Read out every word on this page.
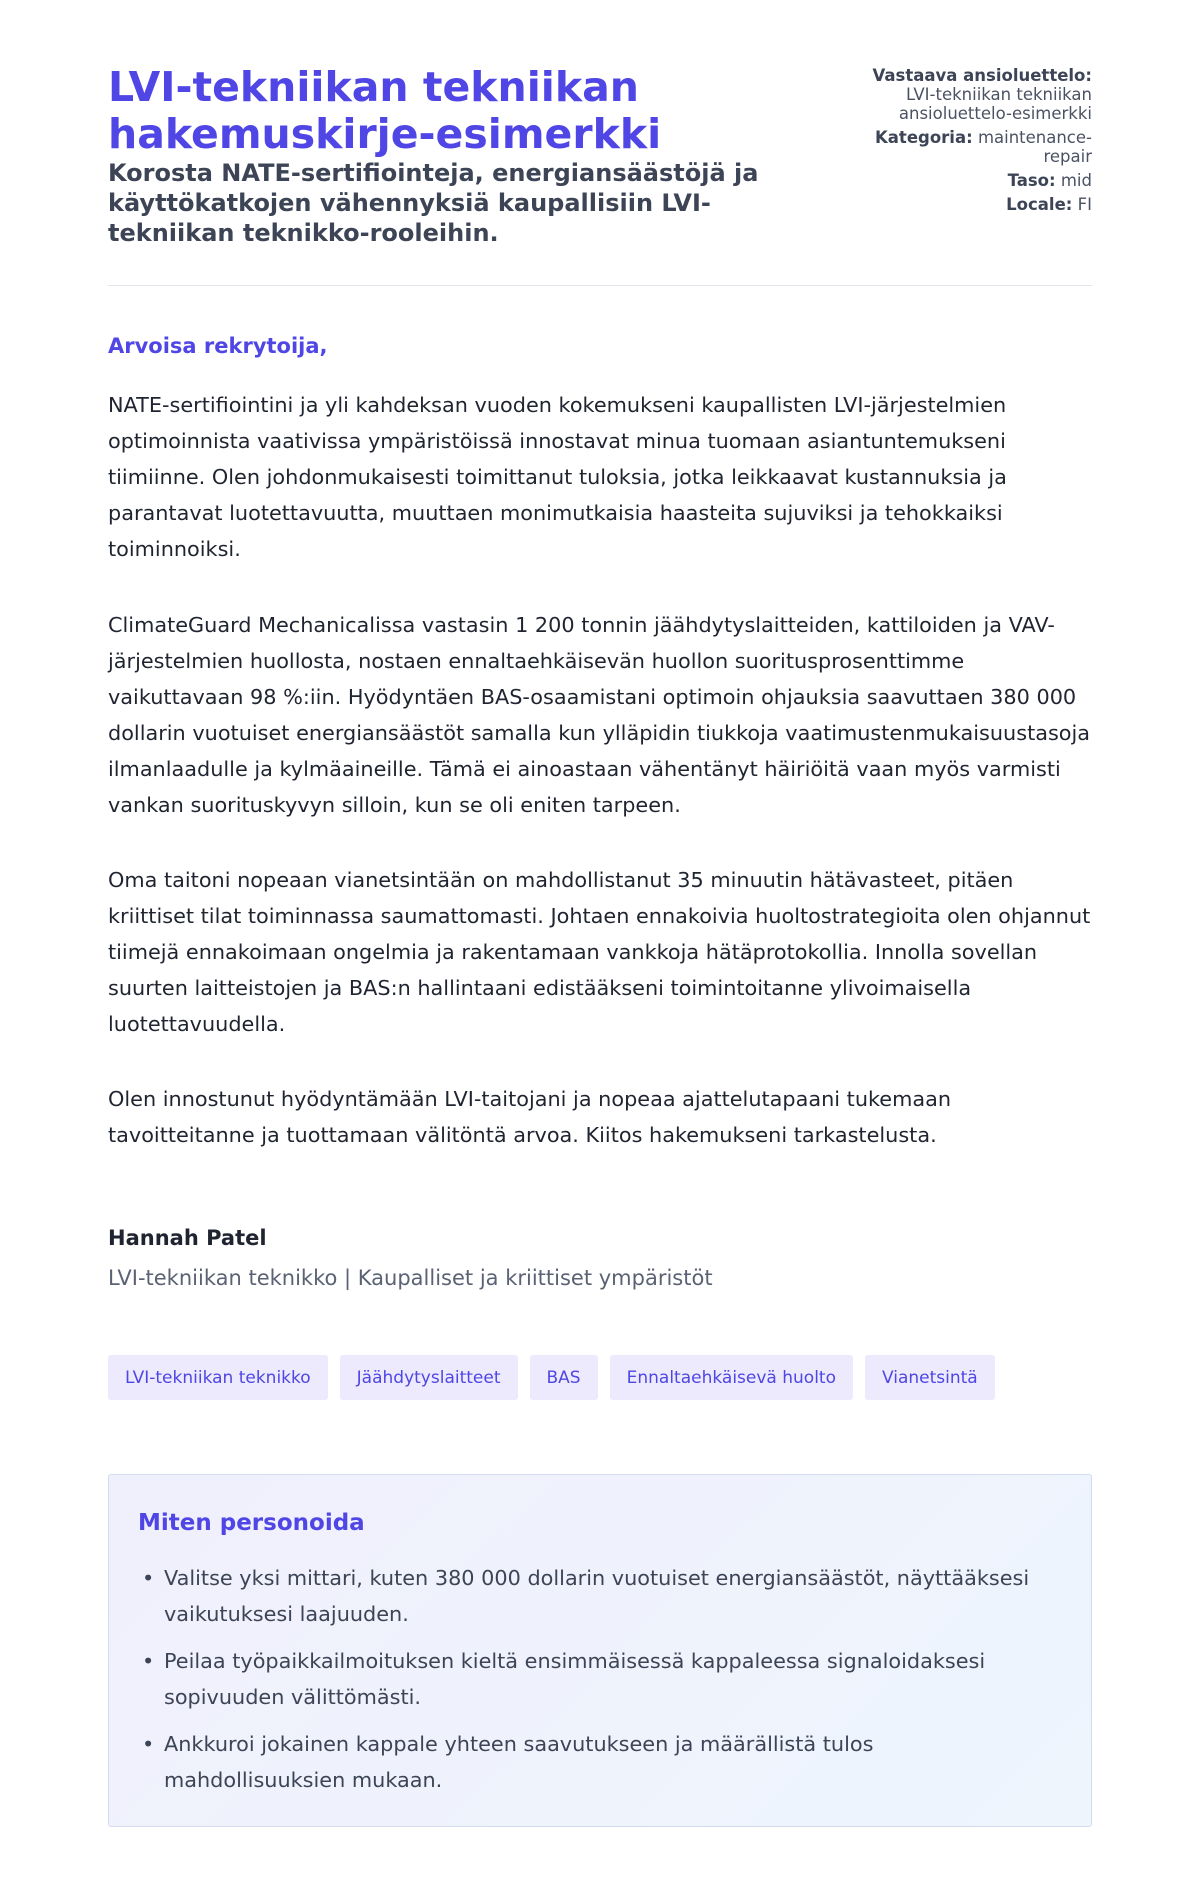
LVI-tekniikan tekniikan hakemuskirje-esimerkki
Korosta NATE-sertifiointeja, energiansäästöjä ja käyttökatkojen vähennyksiä kaupallisiin LVI-tekniikan teknikko-rooleihin.
Vastaava ansioluettelo:
LVI-tekniikan tekniikan ansioluettelo-esimerkki
Kategoria: maintenance-repair
Taso: mid
Locale: FI

Arvoisa rekrytoija,

NATE-sertifiointini ja yli kahdeksan vuoden kokemukseni kaupallisten LVI-järjestelmien optimoinnista vaativissa ympäristöissä innostavat minua tuomaan asiantuntemukseni tiimiinne. Olen johdonmukaisesti toimittanut tuloksia, jotka leikkaavat kustannuksia ja parantavat luotettavuutta, muuttaen monimutkaisia haasteita sujuviksi ja tehokkaiksi toiminnoiksi.

ClimateGuard Mechanicalissa vastasin 1 200 tonnin jäähdytyslaitteiden, kattiloiden ja VAV-järjestelmien huollosta, nostaen ennaltaehkäisevän huollon suoritusprosenttimme vaikuttavaan 98 %:iin. Hyödyntäen BAS-osaamistani optimoin ohjauksia saavuttaen 380 000 dollarin vuotuiset energiansäästöt samalla kun ylläpidin tiukkoja vaatimustenmukaisuustasoja ilmanlaadulle ja kylmäaineille. Tämä ei ainoastaan vähentänyt häiriöitä vaan myös varmisti vankan suorituskyvyn silloin, kun se oli eniten tarpeen.

Oma taitoni nopeaan vianetsintään on mahdollistanut 35 minuutin hätävasteet, pitäen kriittiset tilat toiminnassa saumattomasti. Johtaen ennakoivia huoltostrategioita olen ohjannut tiimejä ennakoimaan ongelmia ja rakentamaan vankkoja hätäprotokollia. Innolla sovellan suurten laitteistojen ja BAS:n hallintaani edistääkseni toimintoitanne ylivoimaisella luotettavuudella.

Olen innostunut hyödyntämään LVI-taitojani ja nopeaa ajattelutapaani tukemaan tavoitteitanne ja tuottamaan välitöntä arvoa. Kiitos hakemukseni tarkastelusta.

Hannah Patel

LVI-tekniikan teknikko | Kaupalliset ja kriittiset ympäristöt

LVI-tekniikan teknikko	Jäähdytyslaitteet	BAS	Ennaltaehkäisevä huolto	Vianetsintä
Miten personoida
• Valitse yksi mittari, kuten 380 000 dollarin vuotuiset energiansäästöt, näyttääksesi vaikutuksesi laajuuden.
• Peilaa työpaikkailmoituksen kieltä ensimmäisessä kappaleessa signaloidaksesi sopivuuden välittömästi.
• Ankkuroi jokainen kappale yhteen saavutukseen ja määrällistä tulos mahdollisuuksien mukaan.
